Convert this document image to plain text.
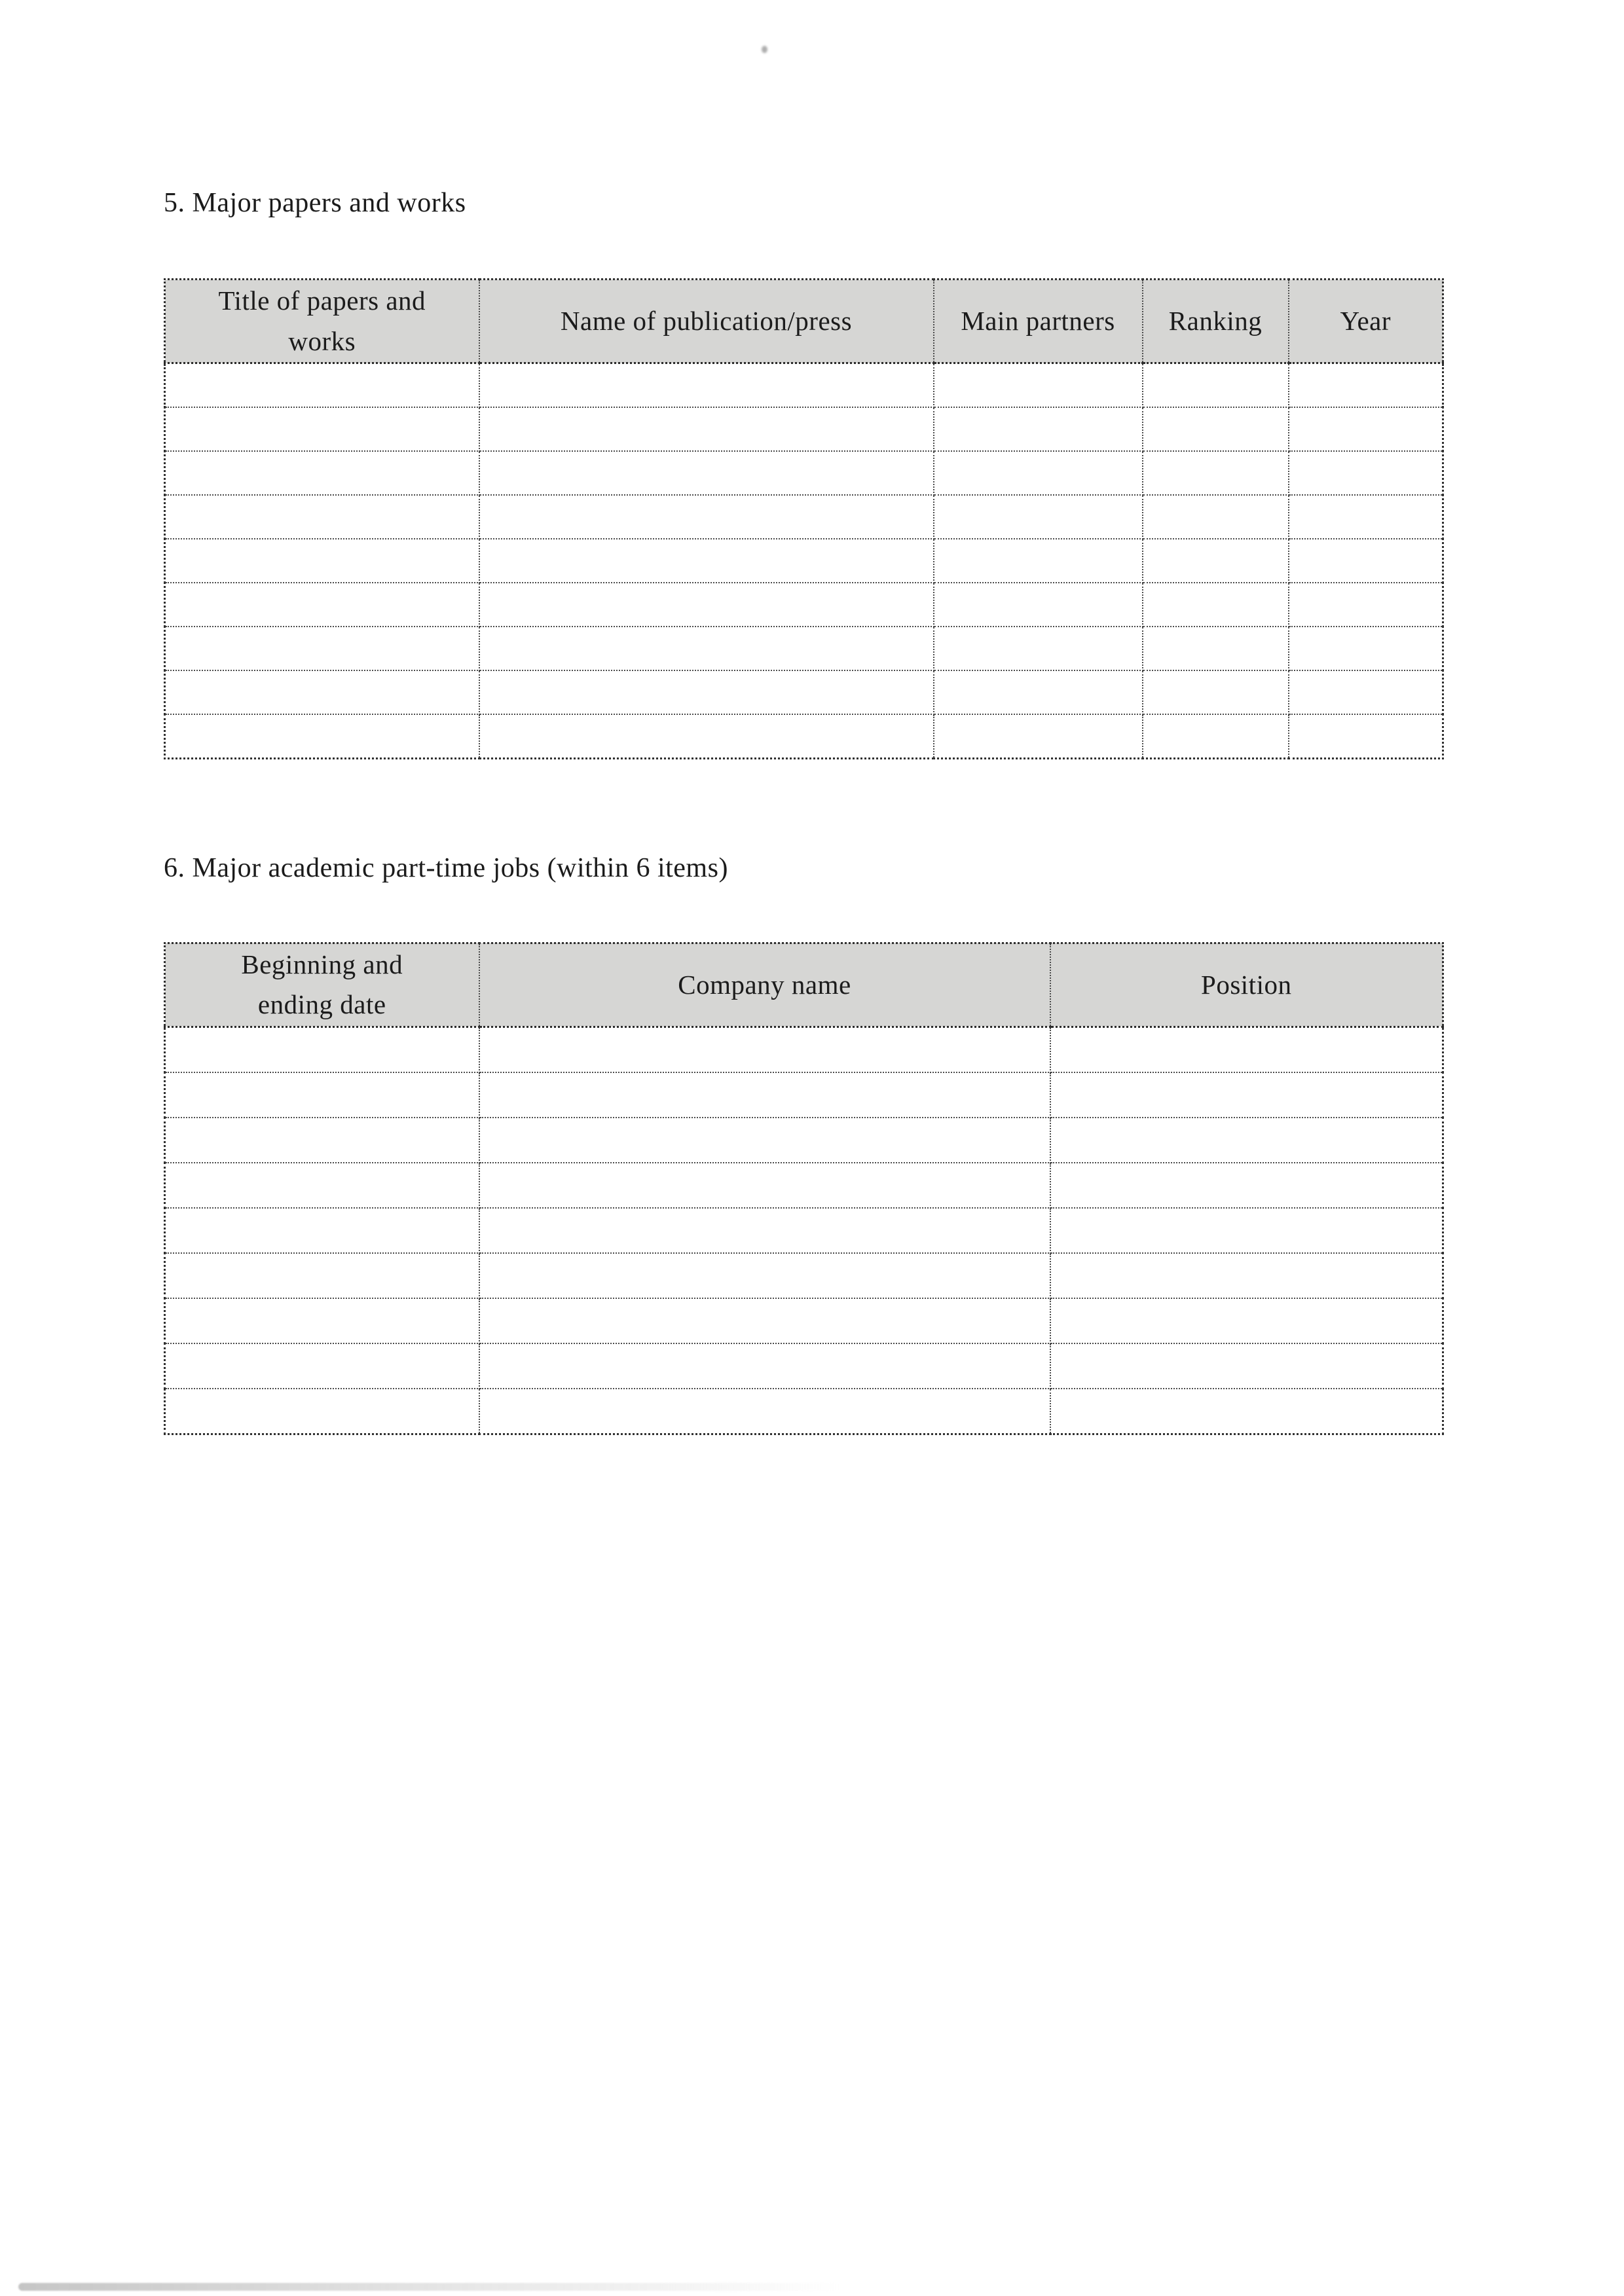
5. Major papers and works
Title of papers and works	Name of publication/press	Main partners	Ranking	Year

6. Major academic part-time jobs (within 6 items)
Beginning and ending date	Company name	Position
